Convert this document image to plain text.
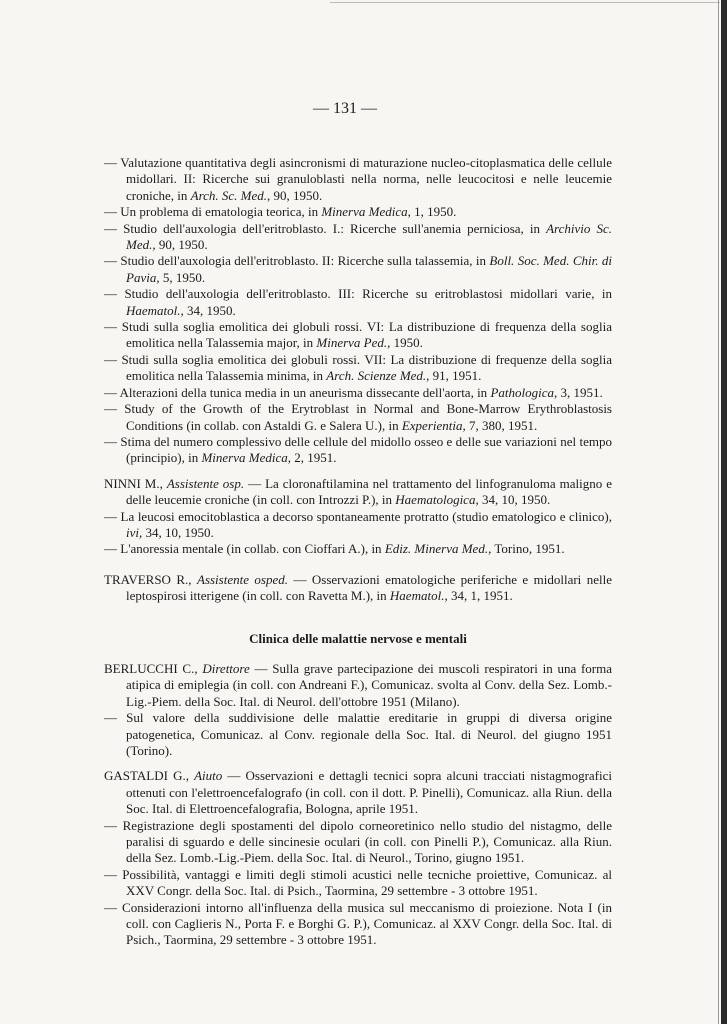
— 131 —

— Valutazione quantitativa degli asincronismi di maturazione nucleo-citoplasmatica delle cellule midollari. II: Ricerche sui granuloblasti nella norma, nelle leucocitosi e nelle leucemie croniche, in Arch. Sc. Med., 90, 1950.

— Un problema di ematologia teorica, in Minerva Medica, 1, 1950.

— Studio dell'auxologia dell'eritroblasto. I.: Ricerche sull'anemia perniciosa, in Archivio Sc. Med., 90, 1950.

— Studio dell'auxologia dell'eritroblasto. II: Ricerche sulla talassemia, in Boll. Soc. Med. Chir. di Pavia, 5, 1950.

— Studio dell'auxologia dell'eritroblasto. III: Ricerche su eritroblastosi midollari varie, in Haematol., 34, 1950.

— Studi sulla soglia emolitica dei globuli rossi. VI: La distribuzione di frequenza della soglia emolitica nella Talassemia major, in Minerva Ped., 1950.

— Studi sulla soglia emolitica dei globuli rossi. VII: La distribuzione di frequenze della soglia emolitica nella Talassemia minima, in Arch. Scienze Med., 91, 1951.

— Alterazioni della tunica media in un aneurisma dissecante dell'aorta, in Pathologica, 3, 1951.

— Study of the Growth of the Erytroblast in Normal and Bone-Marrow Erythroblastosis Conditions (in collab. con Astaldi G. e Salera U.), in Experientia, 7, 380, 1951.

— Stima del numero complessivo delle cellule del midollo osseo e delle sue variazioni nel tempo (principio), in Minerva Medica, 2, 1951.

NINNI M., Assistente osp. — La cloronaftilamina nel trattamento del linfogranuloma maligno e delle leucemie croniche (in coll. con Introzzi P.), in Haematologica, 34, 10, 1950.

— La leucosi emocitoblastica a decorso spontaneamente protratto (studio ematologico e clinico), ivi, 34, 10, 1950.

— L'anoressia mentale (in collab. con Cioffari A.), in Ediz. Minerva Med., Torino, 1951.

TRAVERSO R., Assistente osped. — Osservazioni ematologiche periferiche e midollari nelle leptospirosi itterigene (in coll. con Ravetta M.), in Haematol., 34, 1, 1951.

Clinica delle malattie nervose e mentali

BERLUCCHI C., Direttore — Sulla grave partecipazione dei muscoli respiratori in una forma atipica di emiplegia (in coll. con Andreani F.), Comunicaz. svolta al Conv. della Sez. Lomb.-Lig.-Piem. della Soc. Ital. di Neurol. dell'ottobre 1951 (Milano).

— Sul valore della suddivisione delle malattie ereditarie in gruppi di diversa origine patogenetica, Comunicaz. al Conv. regionale della Soc. Ital. di Neurol. del giugno 1951 (Torino).

GASTALDI G., Aiuto — Osservazioni e dettagli tecnici sopra alcuni tracciati nistagmografici ottenuti con l'elettroencefalografo (in coll. con il dott. P. Pinelli), Comunicaz. alla Riun. della Soc. Ital. di Elettroencefalografia, Bologna, aprile 1951.

— Registrazione degli spostamenti del dipolo corneoretinico nello studio del nistagmo, delle paralisi di sguardo e delle sincinesie oculari (in coll. con Pinelli P.), Comunicaz. alla Riun. della Sez. Lomb.-Lig.-Piem. della Soc. Ital. di Neurol., Torino, giugno 1951.

— Possibilità, vantaggi e limiti degli stimoli acustici nelle tecniche proiettive, Comunicaz. al XXV Congr. della Soc. Ital. di Psich., Taormina, 29 settembre - 3 ottobre 1951.

— Considerazioni intorno all'influenza della musica sul meccanismo di proiezione. Nota I (in coll. con Caglieris N., Porta F. e Borghi G. P.), Comunicaz. al XXV Congr. della Soc. Ital. di Psich., Taormina, 29 settembre - 3 ottobre 1951.
